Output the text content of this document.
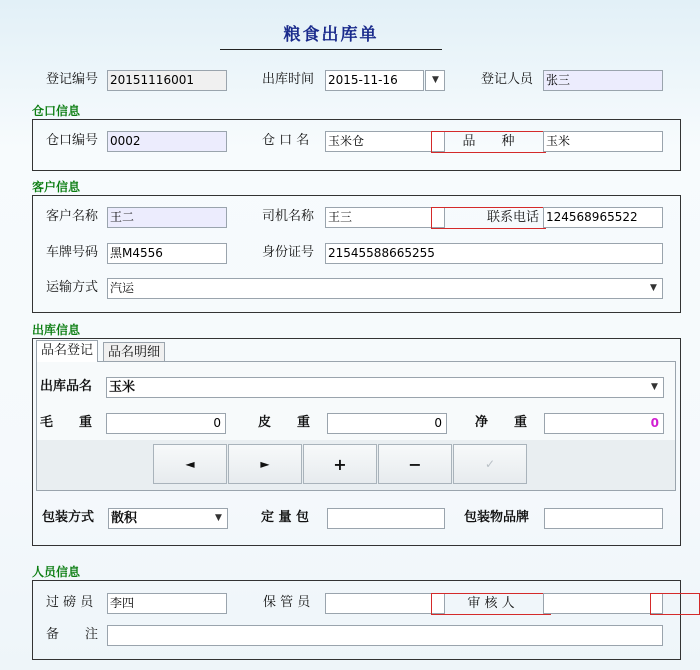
粮食出库单
登记编号 20151116001	出库时间 2015-11-16	▼	登记人员 张三
仓口信息
仓口编号 0002	仓 口 名 玉米仓	品　　种	玉米
客户信息
客户名称 王二	司机名称 王三	联系电话 124568965522
车牌号码 黑M4556	身份证号 21545588665255
运输方式 汽运	▼
出库信息
品名登记	品名明细
出库品名 玉米	▼
毛　　重	0	皮　　重	0	净　　重	0
◄	►	+	−	✓
包装方式 散积	▼	定 量 包	包装物品牌
人员信息
过 磅 员 李四	保 管 员	审 核 人
备　　注
